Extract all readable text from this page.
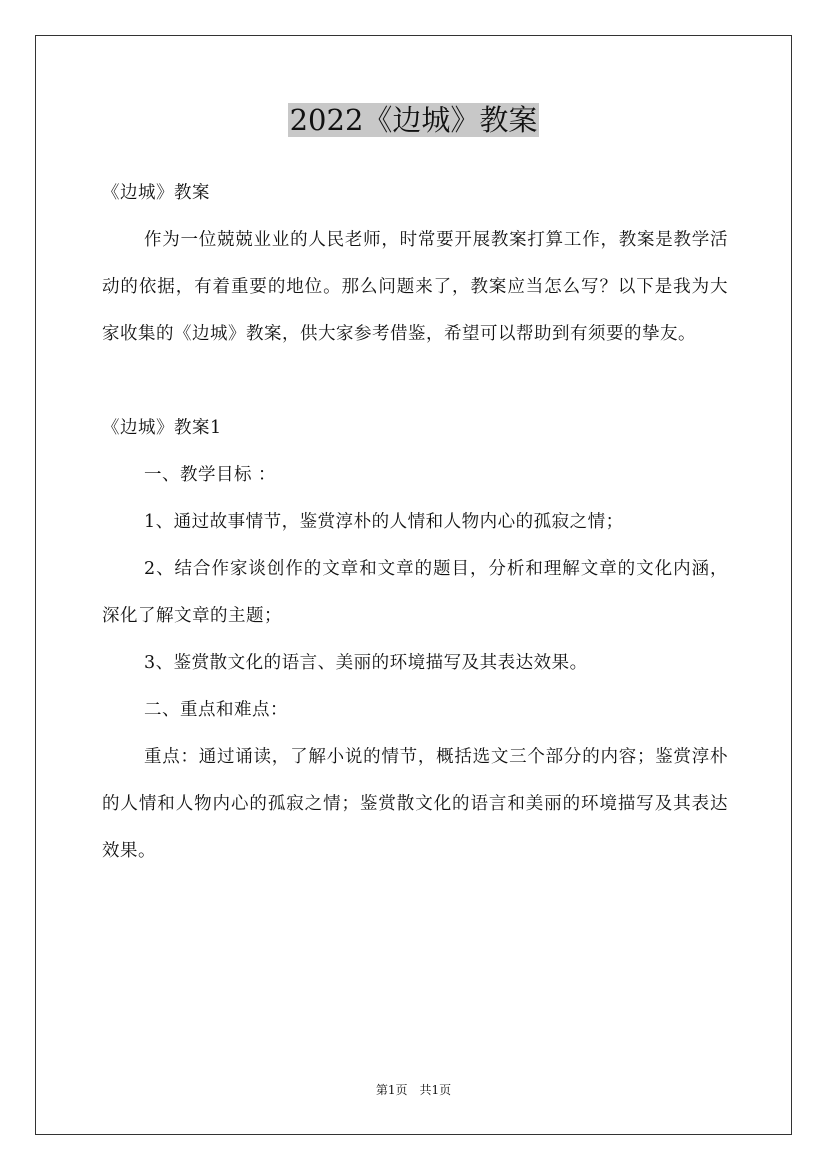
2022《边城》教案

《边城》教案

作为一位兢兢业业的人民老师，时常要开展教案打算工作，教案是教学活动的依据，有着重要的地位。那么问题来了，教案应当怎么写？以下是我为大家收集的《边城》教案，供大家参考借鉴，希望可以帮助到有须要的挚友。

《边城》教案1

一、教学目标 ：

1、通过故事情节，鉴赏淳朴的人情和人物内心的孤寂之情；

2、结合作家谈创作的文章和文章的题目，分析和理解文章的文化内涵，深化了解文章的主题；

3、鉴赏散文化的语言、美丽的环境描写及其表达效果。

二、重点和难点：

重点：通过诵读，了解小说的情节，概括选文三个部分的内容；鉴赏淳朴的人情和人物内心的孤寂之情；鉴赏散文化的语言和美丽的环境描写及其表达效果。

第1页　共1页
